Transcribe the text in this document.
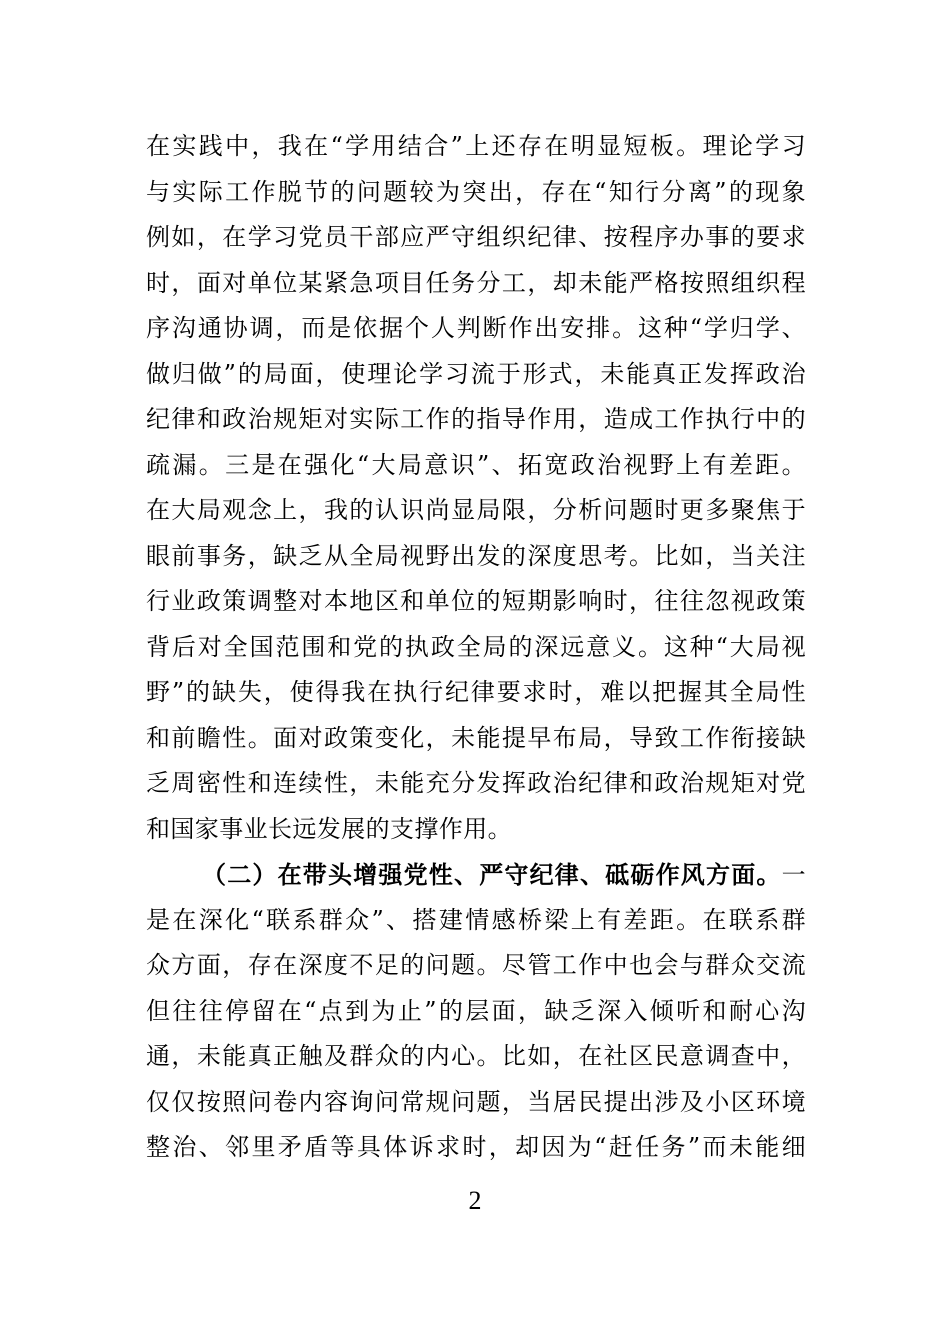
在实践中，我在“学用结合”上还存在明显短板。理论学习
与实际工作脱节的问题较为突出，存在“知行分离”的现象
例如，在学习党员干部应严守组织纪律、按程序办事的要求
时，面对单位某紧急项目任务分工，却未能严格按照组织程
序沟通协调，而是依据个人判断作出安排。这种“学归学、
做归做”的局面，使理论学习流于形式，未能真正发挥政治
纪律和政治规矩对实际工作的指导作用，造成工作执行中的
疏漏。三是在强化“大局意识”、拓宽政治视野上有差距。
在大局观念上，我的认识尚显局限，分析问题时更多聚焦于
眼前事务，缺乏从全局视野出发的深度思考。比如，当关注
行业政策调整对本地区和单位的短期影响时，往往忽视政策
背后对全国范围和党的执政全局的深远意义。这种“大局视
野”的缺失，使得我在执行纪律要求时，难以把握其全局性
和前瞻性。面对政策变化，未能提早布局，导致工作衔接缺
乏周密性和连续性，未能充分发挥政治纪律和政治规矩对党
和国家事业长远发展的支撑作用。
（二）在带头增强党性、严守纪律、砥砺作风方面。一
是在深化“联系群众”、搭建情感桥梁上有差距。在联系群
众方面，存在深度不足的问题。尽管工作中也会与群众交流
但往往停留在“点到为止”的层面，缺乏深入倾听和耐心沟
通，未能真正触及群众的内心。比如，在社区民意调查中，
仅仅按照问卷内容询问常规问题，当居民提出涉及小区环境
整治、邻里矛盾等具体诉求时，却因为“赶任务”而未能细
2
